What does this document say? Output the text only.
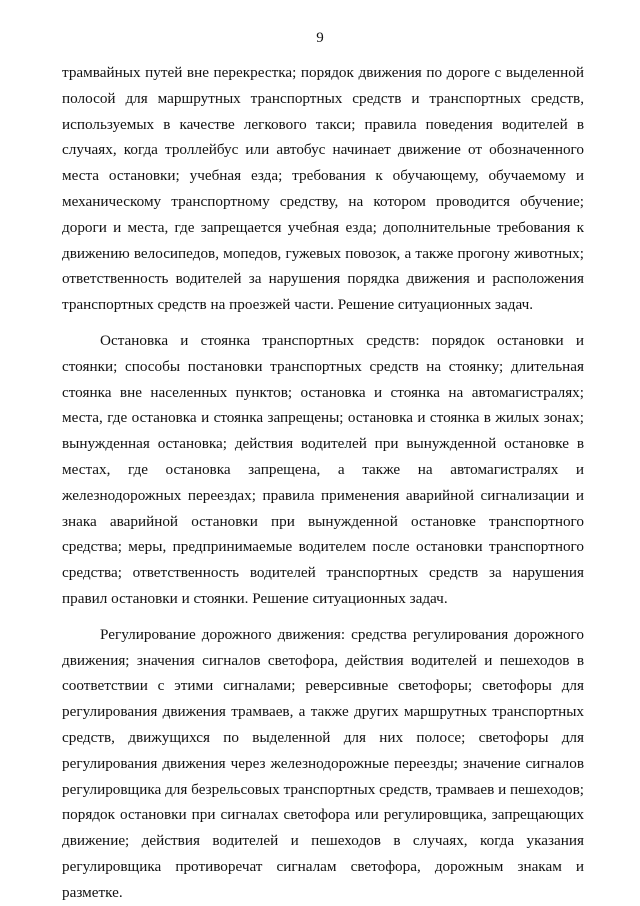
9

трамвайных путей вне перекрестка; порядок движения по дороге с выделенной полосой для маршрутных транспортных средств и транспортных средств, используемых в качестве легкового такси; правила поведения водителей в случаях, когда троллейбус или автобус начинает движение от обозначенного места остановки; учебная езда; требования к обучающему, обучаемому и механическому транспортному средству, на котором проводится обучение; дороги и места, где запрещается учебная езда; дополнительные требования к движению велосипедов, мопедов, гужевых повозок, а также прогону животных; ответственность водителей за нарушения порядка движения и расположения транспортных средств на проезжей части. Решение ситуационных задач.

Остановка и стоянка транспортных средств: порядок остановки и стоянки; способы постановки транспортных средств на стоянку; длительная стоянка вне населенных пунктов; остановка и стоянка на автомагистралях; места, где остановка и стоянка запрещены; остановка и стоянка в жилых зонах; вынужденная остановка; действия водителей при вынужденной остановке в местах, где остановка запрещена, а также на автомагистралях и железнодорожных переездах; правила применения аварийной сигнализации и знака аварийной остановки при вынужденной остановке транспортного средства; меры, предпринимаемые водителем после остановки транспортного средства; ответственность водителей транспортных средств за нарушения правил остановки и стоянки. Решение ситуационных задач.

Регулирование дорожного движения: средства регулирования дорожного движения; значения сигналов светофора, действия водителей и пешеходов в соответствии с этими сигналами; реверсивные светофоры; светофоры для регулирования движения трамваев, а также других маршрутных транспортных средств, движущихся по выделенной для них полосе; светофоры для регулирования движения через железнодорожные переезды; значение сигналов регулировщика для безрельсовых транспортных средств, трамваев и пешеходов; порядок остановки при сигналах светофора или регулировщика, запрещающих движение; действия водителей и пешеходов в случаях, когда указания регулировщика противоречат сигналам светофора, дорожным знакам и разметке.
